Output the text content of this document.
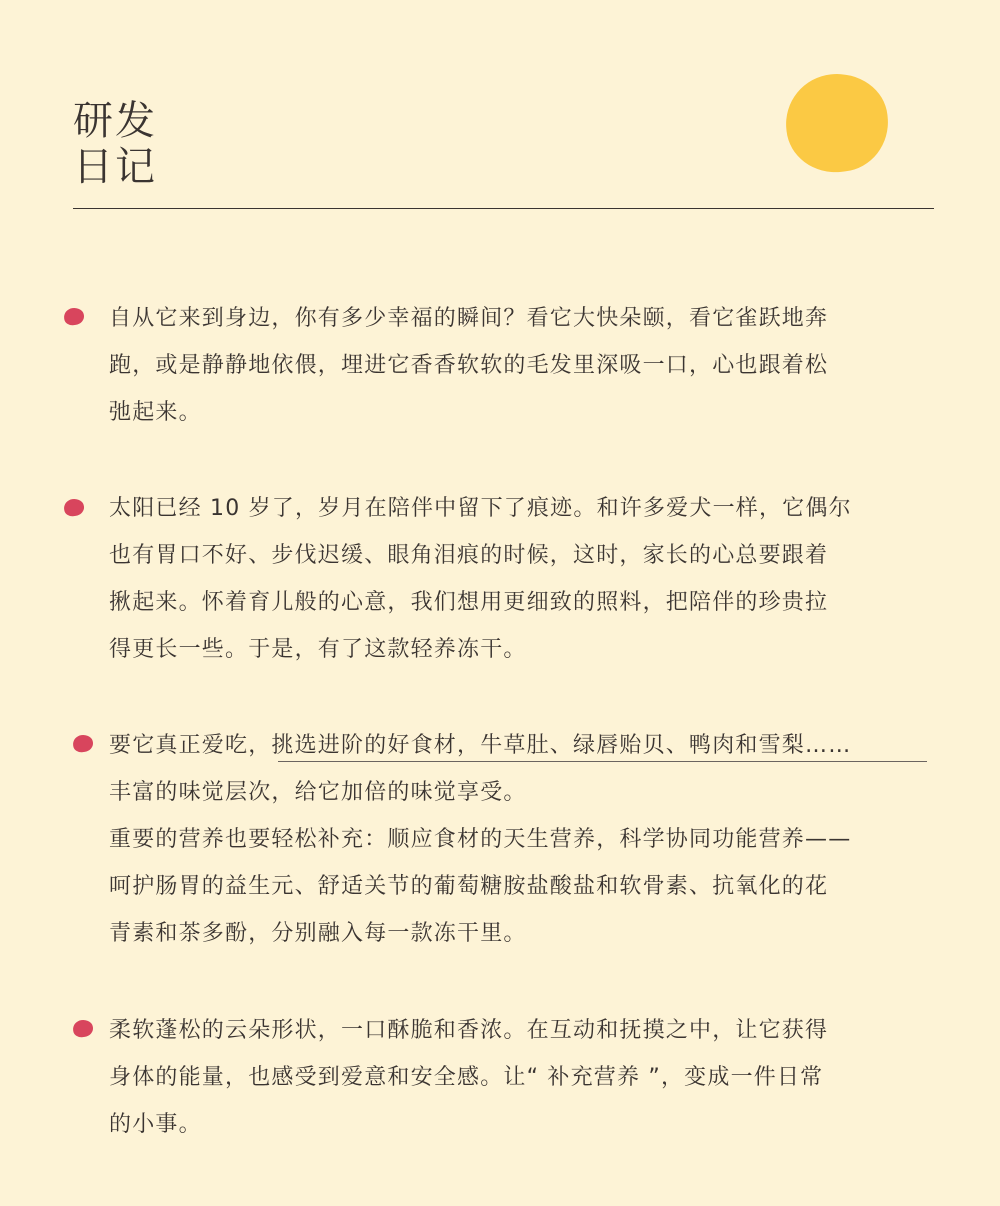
研发
日记
自从它来到身边，你有多少幸福的瞬间？看它大快朵颐，看它雀跃地奔
跑，或是静静地依偎，埋进它香香软软的毛发里深吸一口，心也跟着松
弛起来。
太阳已经 10 岁了，岁月在陪伴中留下了痕迹。和许多爱犬一样，它偶尔
也有胃口不好、步伐迟缓、眼角泪痕的时候，这时，家长的心总要跟着
揪起来。怀着育儿般的心意，我们想用更细致的照料，把陪伴的珍贵拉
得更长一些。于是，有了这款轻养冻干。
要它真正爱吃，挑选进阶的好食材，牛草肚、绿唇贻贝、鸭肉和雪梨……
丰富的味觉层次，给它加倍的味觉享受。
重要的营养也要轻松补充：顺应食材的天生营养，科学协同功能营养——
呵护肠胃的益生元、舒适关节的葡萄糖胺盐酸盐和软骨素、抗氧化的花
青素和茶多酚，分别融入每一款冻干里。
柔软蓬松的云朵形状，一口酥脆和香浓。在互动和抚摸之中，让它获得
身体的能量，也感受到爱意和安全感。让“ 补充营养 ”，变成一件日常
的小事。
